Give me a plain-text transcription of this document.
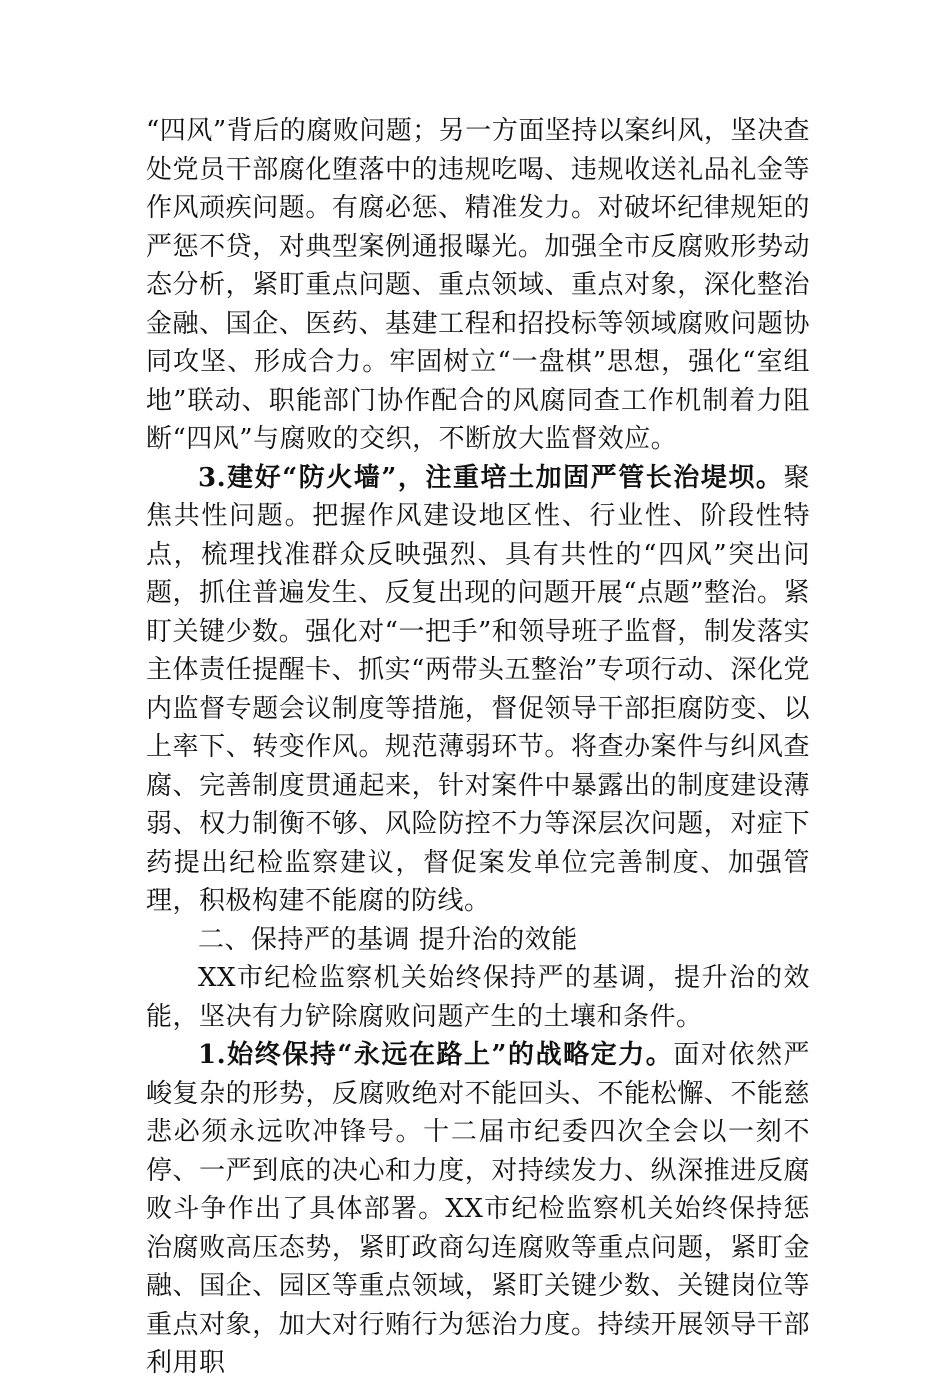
“四风”背后的腐败问题；另一方面坚持以案纠风，坚决查处党员干部腐化堕落中的违规吃喝、违规收送礼品礼金等作风顽疾问题。有腐必惩、精准发力。对破坏纪律规矩的严惩不贷，对典型案例通报曝光。加强全市反腐败形势动态分析，紧盯重点问题、重点领域、重点对象，深化整治金融、国企、医药、基建工程和招投标等领域腐败问题协同攻坚、形成合力。牢固树立“一盘棋”思想，强化“室组地”联动、职能部门协作配合的风腐同查工作机制着力阻断“四风”与腐败的交织，不断放大监督效应。

3.建好“防火墙”，注重培土加固严管长治堤坝。聚焦共性问题。把握作风建设地区性、行业性、阶段性特点，梳理找准群众反映强烈、具有共性的“四风”突出问题，抓住普遍发生、反复出现的问题开展“点题”整治。紧盯关键少数。强化对“一把手”和领导班子监督，制发落实主体责任提醒卡、抓实“两带头五整治”专项行动、深化党内监督专题会议制度等措施，督促领导干部拒腐防变、以上率下、转变作风。规范薄弱环节。将查办案件与纠风查腐、完善制度贯通起来，针对案件中暴露出的制度建设薄弱、权力制衡不够、风险防控不力等深层次问题，对症下药提出纪检监察建议，督促案发单位完善制度、加强管理，积极构建不能腐的防线。

二、保持严的基调 提升治的效能

XX市纪检监察机关始终保持严的基调，提升治的效能，坚决有力铲除腐败问题产生的土壤和条件。

1.始终保持“永远在路上”的战略定力。面对依然严峻复杂的形势，反腐败绝对不能回头、不能松懈、不能慈悲必须永远吹冲锋号。十二届市纪委四次全会以一刻不停、一严到底的决心和力度，对持续发力、纵深推进反腐败斗争作出了具体部署。XX市纪检监察机关始终保持惩治腐败高压态势，紧盯政商勾连腐败等重点问题，紧盯金融、国企、园区等重点领域，紧盯关键少数、关键岗位等重点对象，加大对行贿行为惩治力度。持续开展领导干部利用职
